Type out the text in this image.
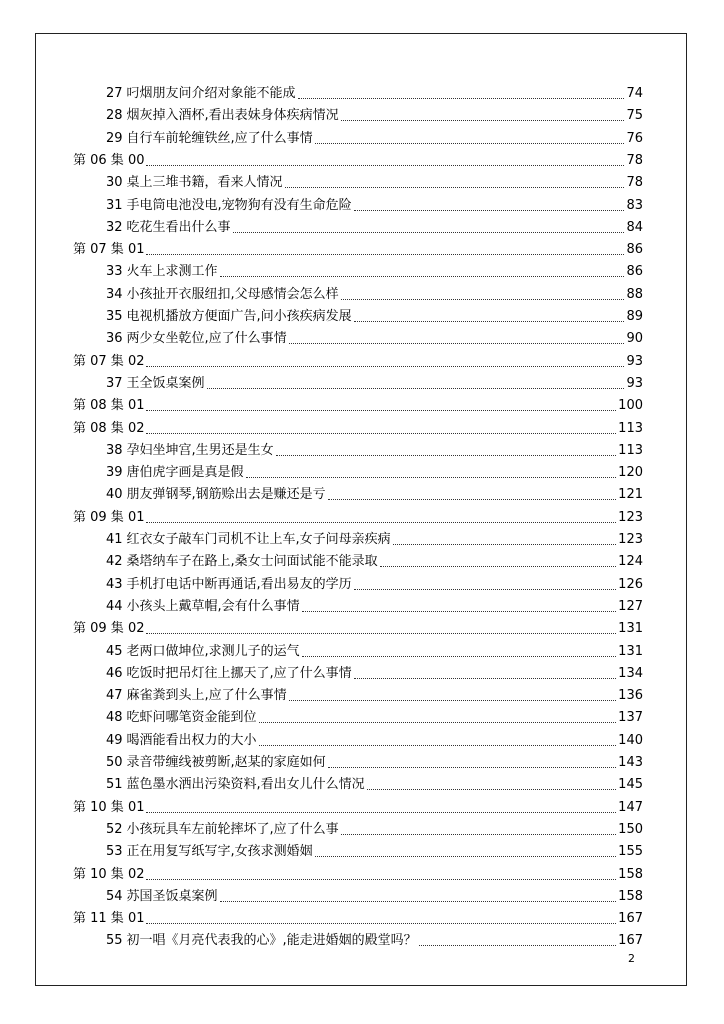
27 叼烟朋友问介绍对象能不能成	74
28 烟灰掉入酒杯,看出表妹身体疾病情况	75
29 自行车前轮缠铁丝,应了什么事情	76
第 06 集 00	78
30 桌上三堆书籍，看来人情况	78
31 手电筒电池没电,宠物狗有没有生命危险	83
32 吃花生看出什么事	84
第 07 集 01	86
33 火车上求测工作	86
34 小孩扯开衣服纽扣,父母感情会怎么样	88
35 电视机播放方便面广告,问小孩疾病发展	89
36 两少女坐乾位,应了什么事情	90
第 07 集 02	93
37 王全饭桌案例	93
第 08 集 01	100
第 08 集 02	113
38 孕妇坐坤宫,生男还是生女	113
39 唐伯虎字画是真是假	120
40 朋友弹钢琴,钢筋赊出去是赚还是亏	121
第 09 集 01	123
41 红衣女子敲车门司机不让上车,女子问母亲疾病	123
42 桑塔纳车子在路上,桑女士问面试能不能录取	124
43 手机打电话中断再通话,看出易友的学历	126
44 小孩头上戴草帽,会有什么事情	127
第 09 集 02	131
45 老两口做坤位,求测儿子的运气	131
46 吃饭时把吊灯往上挪天了,应了什么事情	134
47 麻雀粪到头上,应了什么事情	136
48 吃虾问哪笔资金能到位	137
49 喝酒能看出权力的大小	140
50 录音带缠线被剪断,赵某的家庭如何	143
51 蓝色墨水洒出污染资料,看出女儿什么情况	145
第 10 集 01	147
52 小孩玩具车左前轮摔坏了,应了什么事	150
53 正在用复写纸写字,女孩求测婚姻	155
第 10 集 02	158
54 苏国圣饭桌案例	158
第 11 集 01	167
55 初一唱《月亮代表我的心》,能走进婚姻的殿堂吗？	167
2
